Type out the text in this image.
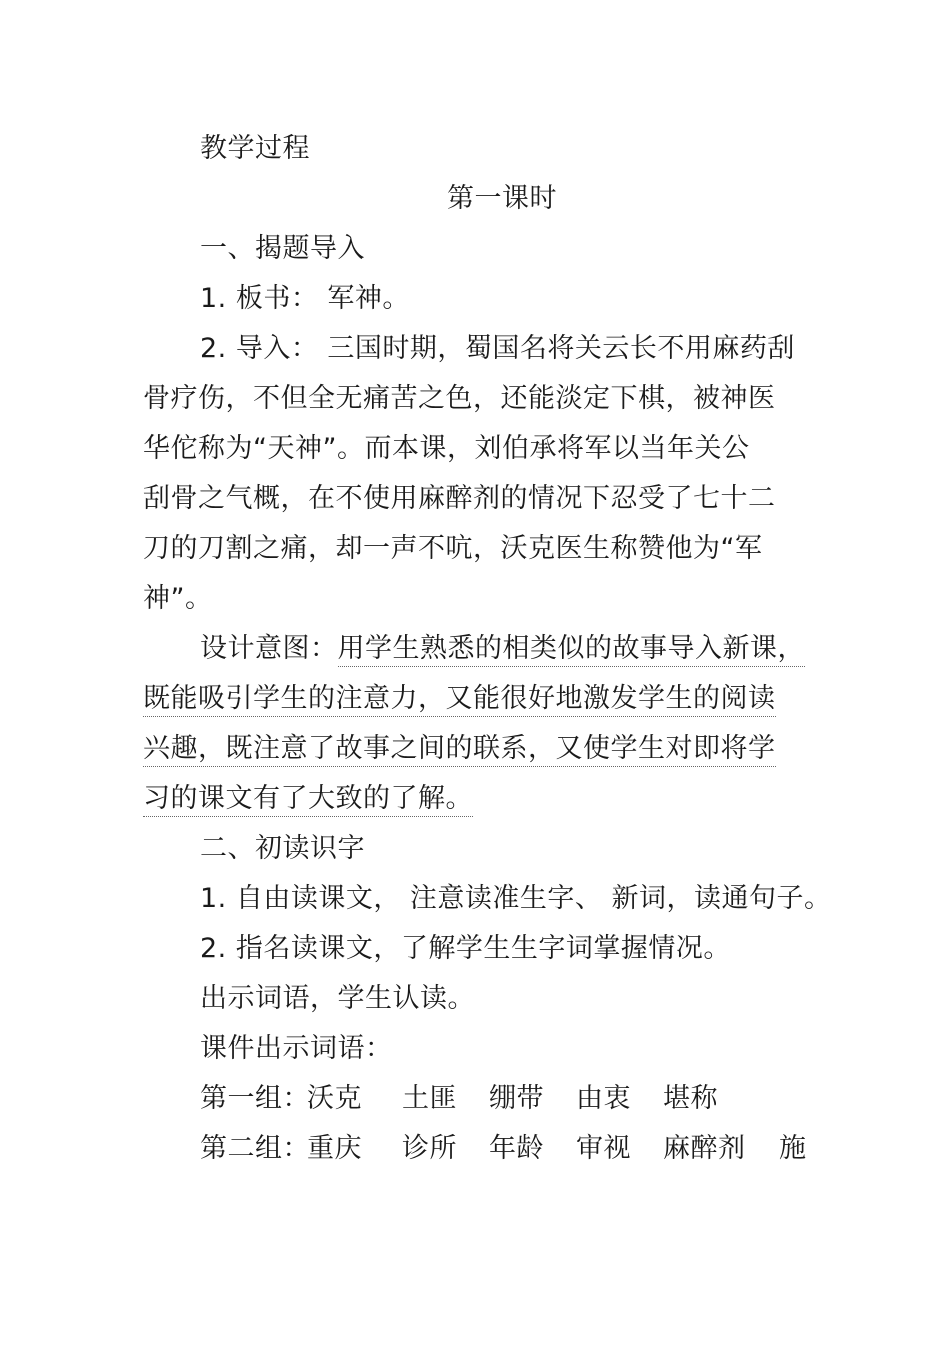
教学过程
第一课时
一、揭题导入
1. 板书： 军神。
2. 导入： 三国时期，蜀国名将关云长不用麻药刮
骨疗伤，不但全无痛苦之色，还能淡定下棋，被神医
华佗称为“天神”。而本课，刘伯承将军以当年关公
刮骨之气概，在不使用麻醉剂的情况下忍受了七十二
刀的刀割之痛，却一声不吭，沃克医生称赞他为“军
神”。
设计意图：用学生熟悉的相类似的故事导入新课，
既能吸引学生的注意力，又能很好地激发学生的阅读
兴趣，既注意了故事之间的联系，又使学生对即将学
习的课文有了大致的了解。
二、初读识字
1. 自由读课文， 注意读准生字、 新词，读通句子。
2. 指名读课文，了解学生生字词掌握情况。
出示词语，学生认读。
课件出示词语：
第一组：
沃克 土匪 绷带 由衷 堪称
第二组：
重庆 诊所 年龄 审视 麻醉剂 施
